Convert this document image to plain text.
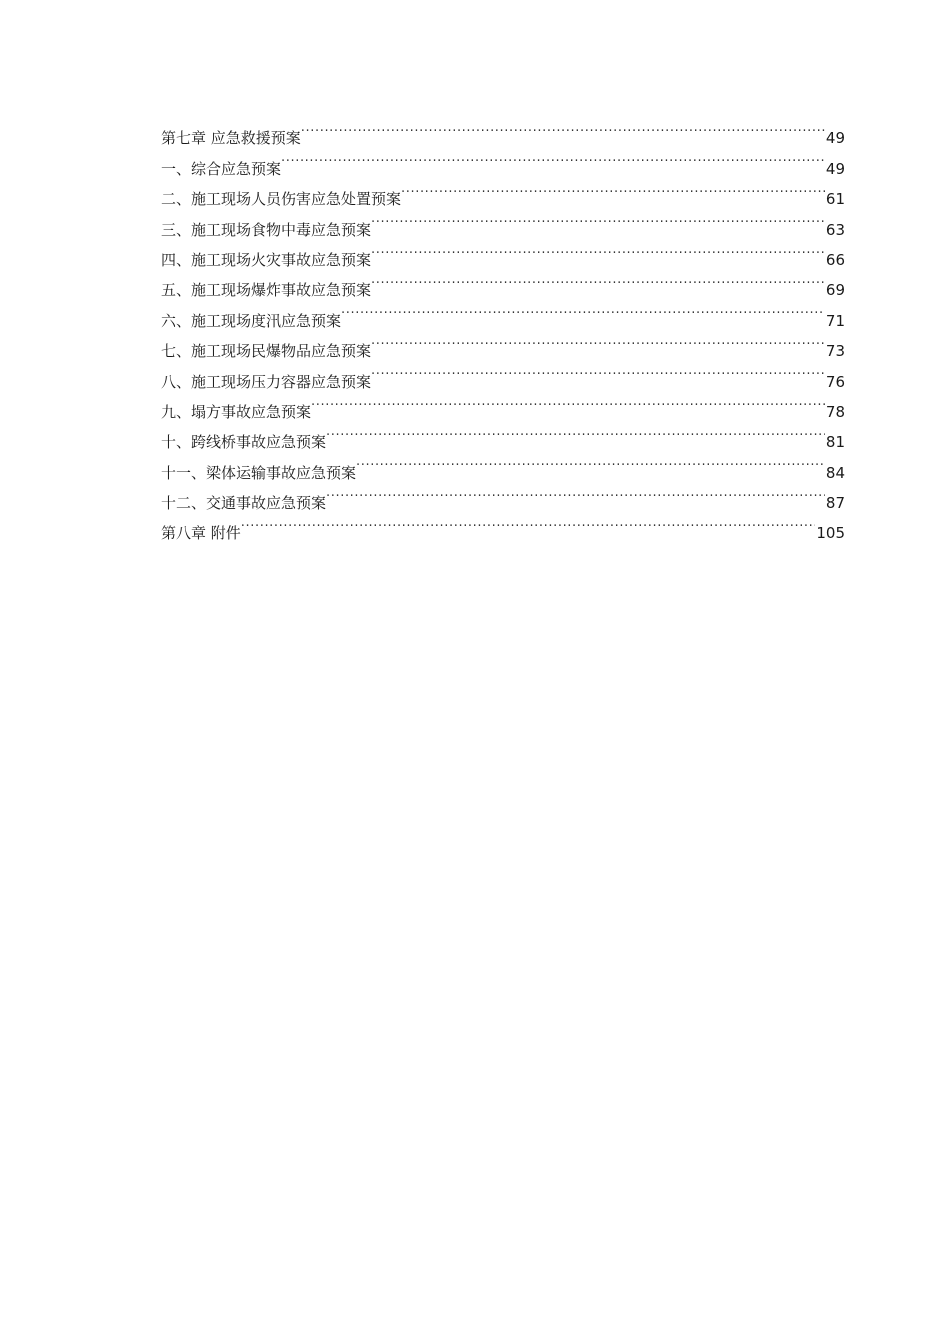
第七章 应急救援预案 .....	49
一、综合应急预案 .....	49
二、施工现场人员伤害应急处置预案 .....	61
三、施工现场食物中毒应急预案 .....	63
四、施工现场火灾事故应急预案 .....	66
五、施工现场爆炸事故应急预案 .....	69
六、施工现场度汛应急预案 .....	71
七、施工现场民爆物品应急预案 .....	73
八、施工现场压力容器应急预案 .....	76
九、塌方事故应急预案 .....	78
十、跨线桥事故应急预案 .....	81
十一、梁体运输事故应急预案 .....	84
十二、交通事故应急预案 .....	87
第八章 附件 .....	105
